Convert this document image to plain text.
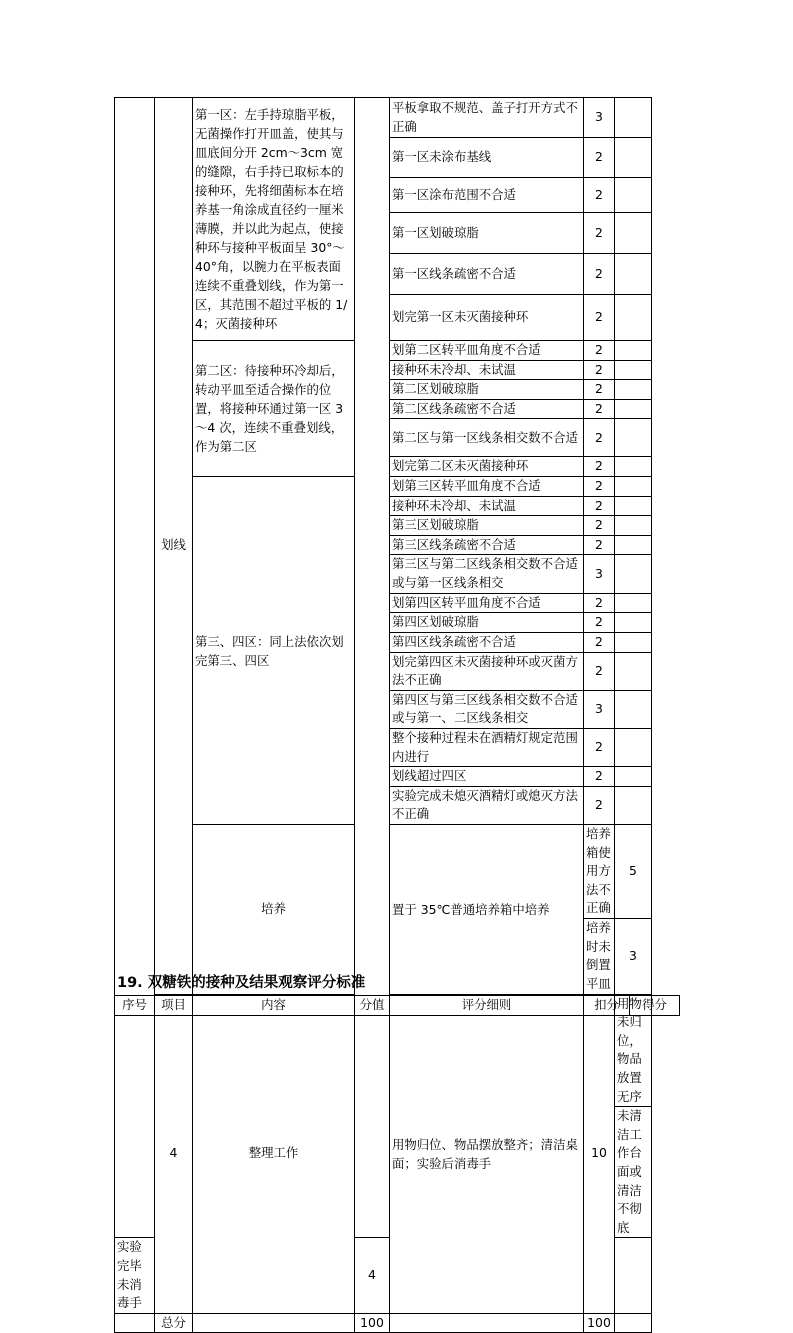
	划线	第一区：左手持琼脂平板，无菌操作打开皿盖，使其与皿底间分开 2cm～3cm 宽的缝隙，右手持已取标本的接种环，先将细菌标本在培养基一角涂成直径约一厘米薄膜，并以此为起点，使接种环与接种平板面呈 30°～40°角，以腕力在平板表面连续不重叠划线，作为第一区，其范围不超过平板的 1/4；灭菌接种环		平板拿取不规范、盖子打开方式不正确	3		
				第一区未涂布基线	2		
				第一区涂布范围不合适	2		
				第一区划破琼脂	2		
				第一区线条疏密不合适	2		
				划完第一区未灭菌接种环	2		
		第二区：待接种环冷却后，转动平皿至适合操作的位置，将接种环通过第一区 3～4 次，连续不重叠划线，作为第二区		划第二区转平皿角度不合适	2		
				接种环未冷却、未试温	2		
				第二区划破琼脂	2		
				第二区线条疏密不合适	2		
				第二区与第一区线条相交数不合适	2		
				划完第二区未灭菌接种环	2		
		第三、四区：同上法依次划完第三、四区		划第三区转平皿角度不合适	2		
				接种环未冷却、未试温	2		
				第三区划破琼脂	2		
				第三区线条疏密不合适	2		
				第三区与第二区线条相交数不合适或与第一区线条相交	3		
				划第四区转平皿角度不合适	2		
				第四区划破琼脂	2		
				第四区线条疏密不合适	2		
				划完第四区未灭菌接种环或灭菌方法不正确	2		
				第四区与第三区线条相交数不合适或与第一、二区线条相交	3		
				整个接种过程未在酒精灯规定范围内进行	2		
				划线超过四区	2		
				实验完成未熄灭酒精灯或熄灭方法不正确	2		
		培养		置于 35℃普通培养箱中培养	培养箱使用方法不正确	5	
					培养时未倒置平皿	3	
	4	整理工作		用物归位、物品摆放整齐；清洁桌面；实验后消毒手	10	用物未归位，物品放置无序		
						未清洁工作台面或清洁不彻底		
实验完毕未消毒手			4				
	总分		100		100		
19. 双糖铁的接种及结果观察评分标准
序号	项目	内容	分值	评分细则	扣分	得分
